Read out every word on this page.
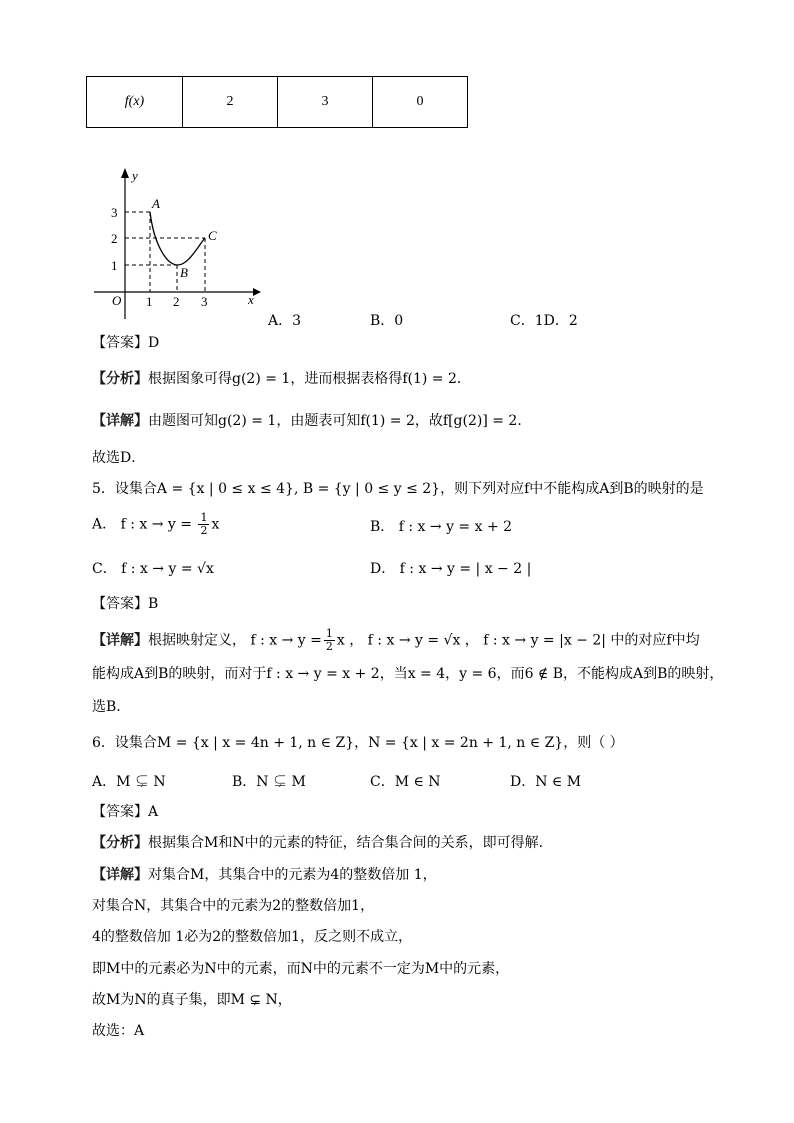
f(x)	2	3	0
y
x
O 1 2 3
1
2
3
A
B
C
A．3	B．0	C．1D．2
【答案】D
【分析】根据图象可得g(2) = 1，进而根据表格得f(1) = 2．
【详解】由题图可知g(2) = 1，由题表可知f(1) = 2，故f[g(2)] = 2．
故选D．
5．设集合A = {x | 0 ≤ x ≤ 4}, B = {y | 0 ≤ y ≤ 2}，则下列对应f中不能构成A到B的映射的是
A． f : $x \to y = \frac{1}{2}$ x	B． f : x → y = x + 2
C． f : x → y = √x	D． f : x → y = | x − 2 |
【答案】B
【详解】根据映射定义， f : $x \to y = \frac{1}{2}$ x ， f : x → y = √x ， f : x → y = |x − 2| 中的对应f中均
能构成A到B的映射，而对于f : x → y = x + 2，当x = 4，y = 6，而6 ∉ B，不能构成A到B的映射，
选B.
6．设集合M = {x | x = 4n + 1, n ∈ Z}，N = {x | x = 2n + 1, n ∈ Z}，则（ ）
A．M ⊊ N	B．N ⊊ M	C．M ∈ N	D．N ∈ M
【答案】A
【分析】根据集合M和N中的元素的特征，结合集合间的关系，即可得解.
【详解】对集合M，其集合中的元素为4的整数倍加 1，
对集合N，其集合中的元素为2的整数倍加1，
4的整数倍加 1必为2的整数倍加1，反之则不成立，
即M中的元素必为N中的元素，而N中的元素不一定为M中的元素，
故M为N的真子集，即M ⊊ N，
故选：A
